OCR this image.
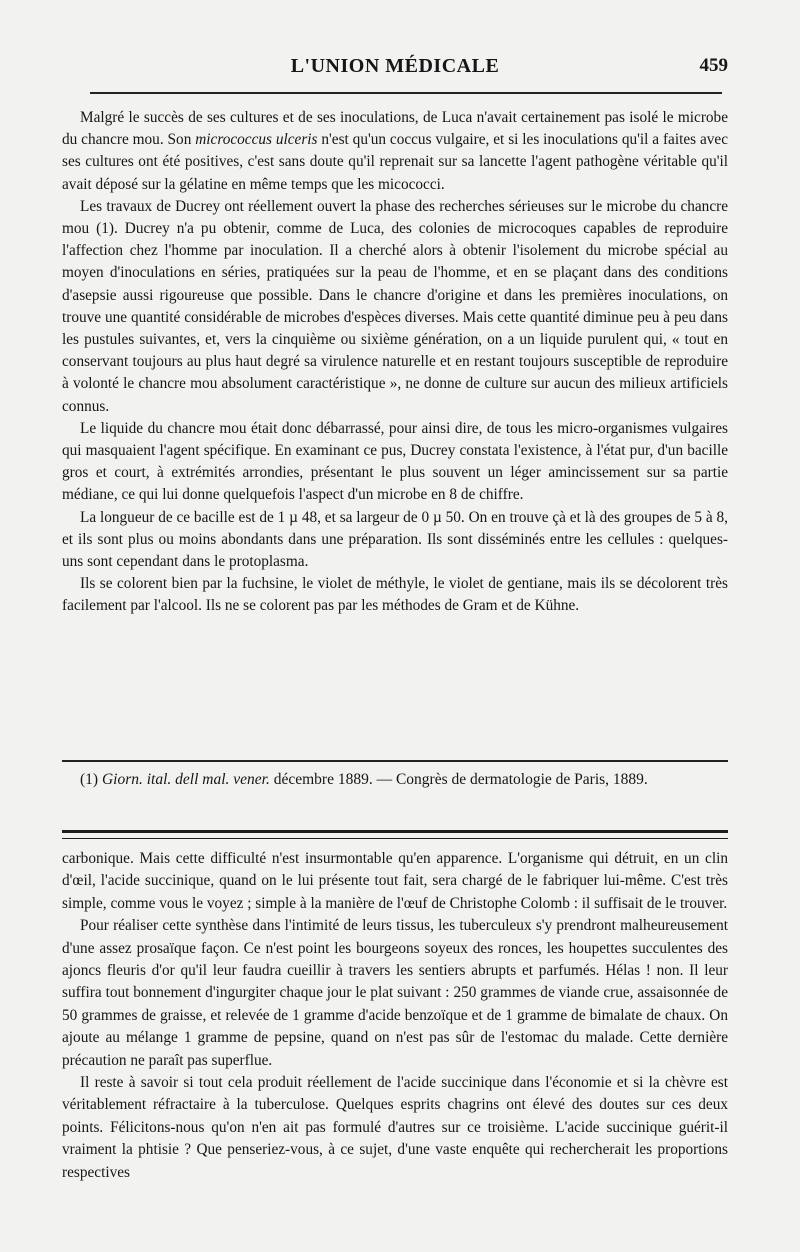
L'UNION MÉDICALE	459

Malgré le succès de ses cultures et de ses inoculations, de Luca n'avait certainement pas isolé le microbe du chancre mou. Son micrococcus ulceris n'est qu'un coccus vulgaire, et si les inoculations qu'il a faites avec ses cultures ont été positives, c'est sans doute qu'il reprenait sur sa lancette l'agent pathogène véritable qu'il avait déposé sur la gélatine en même temps que les micococci.

Les travaux de Ducrey ont réellement ouvert la phase des recherches sérieuses sur le microbe du chancre mou (1). Ducrey n'a pu obtenir, comme de Luca, des colonies de microcoques capables de reproduire l'affection chez l'homme par inoculation. Il a cherché alors à obtenir l'isolement du microbe spécial au moyen d'inoculations en séries, pratiquées sur la peau de l'homme, et en se plaçant dans des conditions d'asepsie aussi rigoureuse que possible. Dans le chancre d'origine et dans les premières inoculations, on trouve une quantité considérable de microbes d'espèces diverses. Mais cette quantité diminue peu à peu dans les pustules suivantes, et, vers la cinquième ou sixième génération, on a un liquide purulent qui, « tout en conservant toujours au plus haut degré sa virulence naturelle et en restant toujours susceptible de reproduire à volonté le chancre mou absolument caractéristique », ne donne de culture sur aucun des milieux artificiels connus.

Le liquide du chancre mou était donc débarrassé, pour ainsi dire, de tous les micro-organismes vulgaires qui masquaient l'agent spécifique. En examinant ce pus, Ducrey constata l'existence, à l'état pur, d'un bacille gros et court, à extrémités arrondies, présentant le plus souvent un léger amincissement sur sa partie médiane, ce qui lui donne quelquefois l'aspect d'un microbe en 8 de chiffre.

La longueur de ce bacille est de 1 µ 48, et sa largeur de 0 µ 50. On en trouve çà et là des groupes de 5 à 8, et ils sont plus ou moins abondants dans une préparation. Ils sont disséminés entre les cellules : quelques-uns sont cependant dans le protoplasma.

Ils se colorent bien par la fuchsine, le violet de méthyle, le violet de gentiane, mais ils se décolorent très facilement par l'alcool. Ils ne se colorent pas par les méthodes de Gram et de Kühne.

(1) Giorn. ital. dell mal. vener. décembre 1889. — Congrès de dermatologie de Paris, 1889.

carbonique. Mais cette difficulté n'est insurmontable qu'en apparence. L'organisme qui détruit, en un clin d'œil, l'acide succinique, quand on le lui présente tout fait, sera chargé de le fabriquer lui-même. C'est très simple, comme vous le voyez ; simple à la manière de l'œuf de Christophe Colomb : il suffisait de le trouver.

Pour réaliser cette synthèse dans l'intimité de leurs tissus, les tuberculeux s'y prendront malheureusement d'une assez prosaïque façon. Ce n'est point les bourgeons soyeux des ronces, les houpettes succulentes des ajoncs fleuris d'or qu'il leur faudra cueillir à travers les sentiers abrupts et parfumés. Hélas ! non. Il leur suffira tout bonnement d'ingurgiter chaque jour le plat suivant : 250 grammes de viande crue, assaisonnée de 50 grammes de graisse, et relevée de 1 gramme d'acide benzoïque et de 1 gramme de bimalate de chaux. On ajoute au mélange 1 gramme de pepsine, quand on n'est pas sûr de l'estomac du malade. Cette dernière précaution ne paraît pas superflue.

Il reste à savoir si tout cela produit réellement de l'acide succinique dans l'économie et si la chèvre est véritablement réfractaire à la tuberculose. Quelques esprits chagrins ont élevé des doutes sur ces deux points. Félicitons-nous qu'on n'en ait pas formulé d'autres sur ce troisième. L'acide succinique guérit-il vraiment la phtisie ? Que penseriez-vous, à ce sujet, d'une vaste enquête qui rechercherait les proportions respectives
